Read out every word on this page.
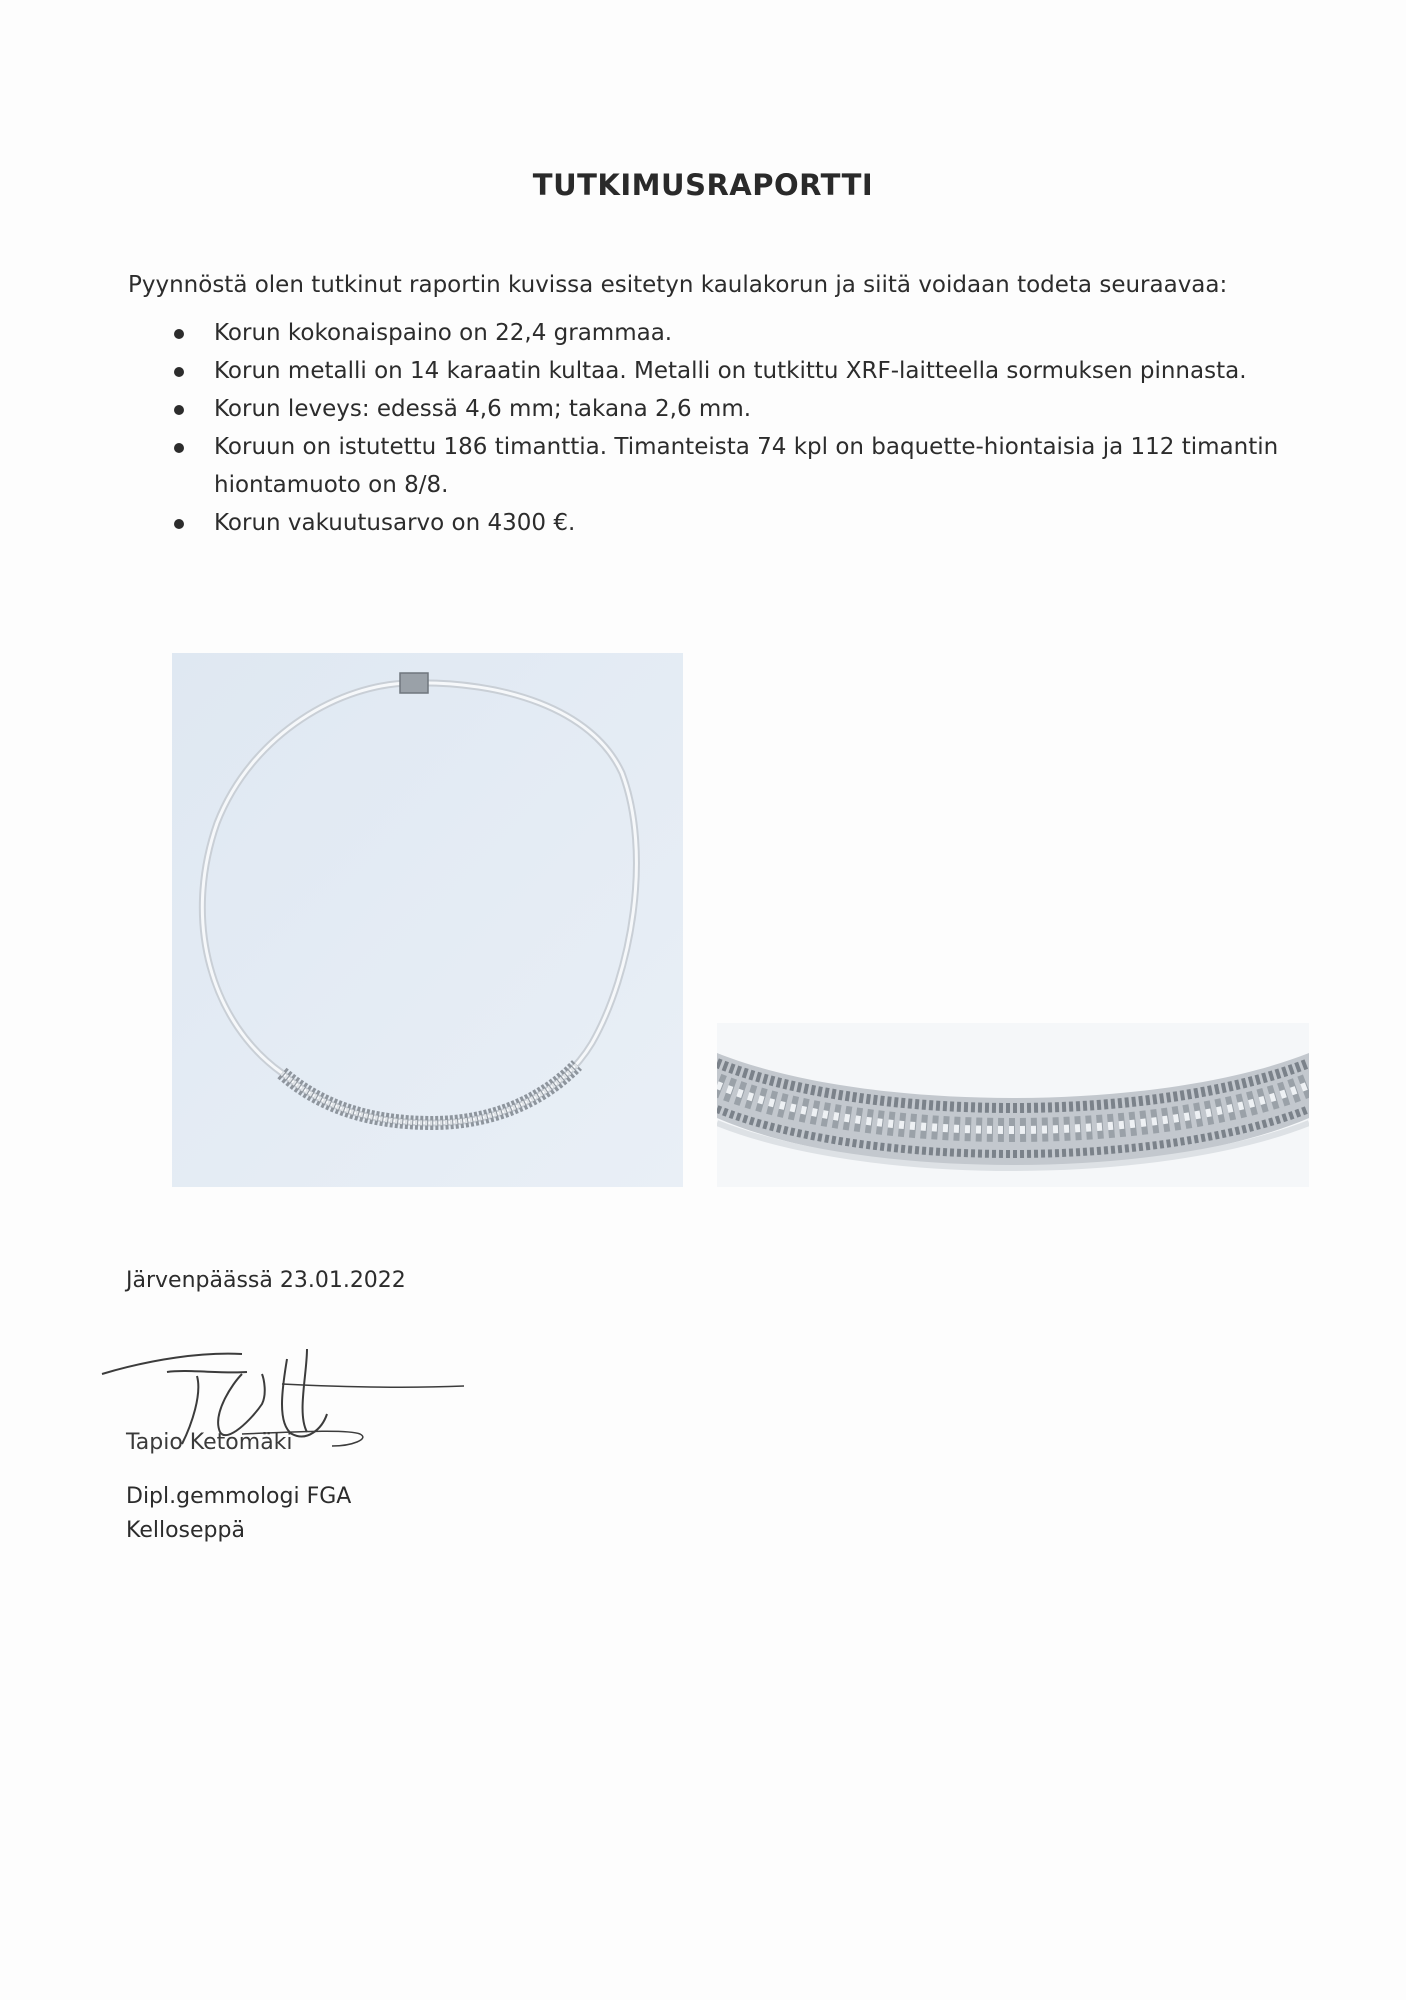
TUTKIMUSRAPORTTI
Pyynnöstä olen tutkinut raportin kuvissa esitetyn kaulakorun ja siitä voidaan todeta seuraavaa:
Korun kokonaispaino on 22,4 grammaa.
Korun metalli on 14 karaatin kultaa. Metalli on tutkittu XRF-laitteella sormuksen pinnasta.
Korun leveys: edessä 4,6 mm; takana 2,6 mm.
Koruun on istutettu 186 timanttia. Timanteista 74 kpl on baquette-hiontaisia ja 112 timantin hiontamuoto on 8/8.
Korun vakuutusarvo on 4300 €.
Järvenpäässä 23.01.2022
Tapio Ketomäki
Dipl.gemmologi FGA
Kelloseppä
